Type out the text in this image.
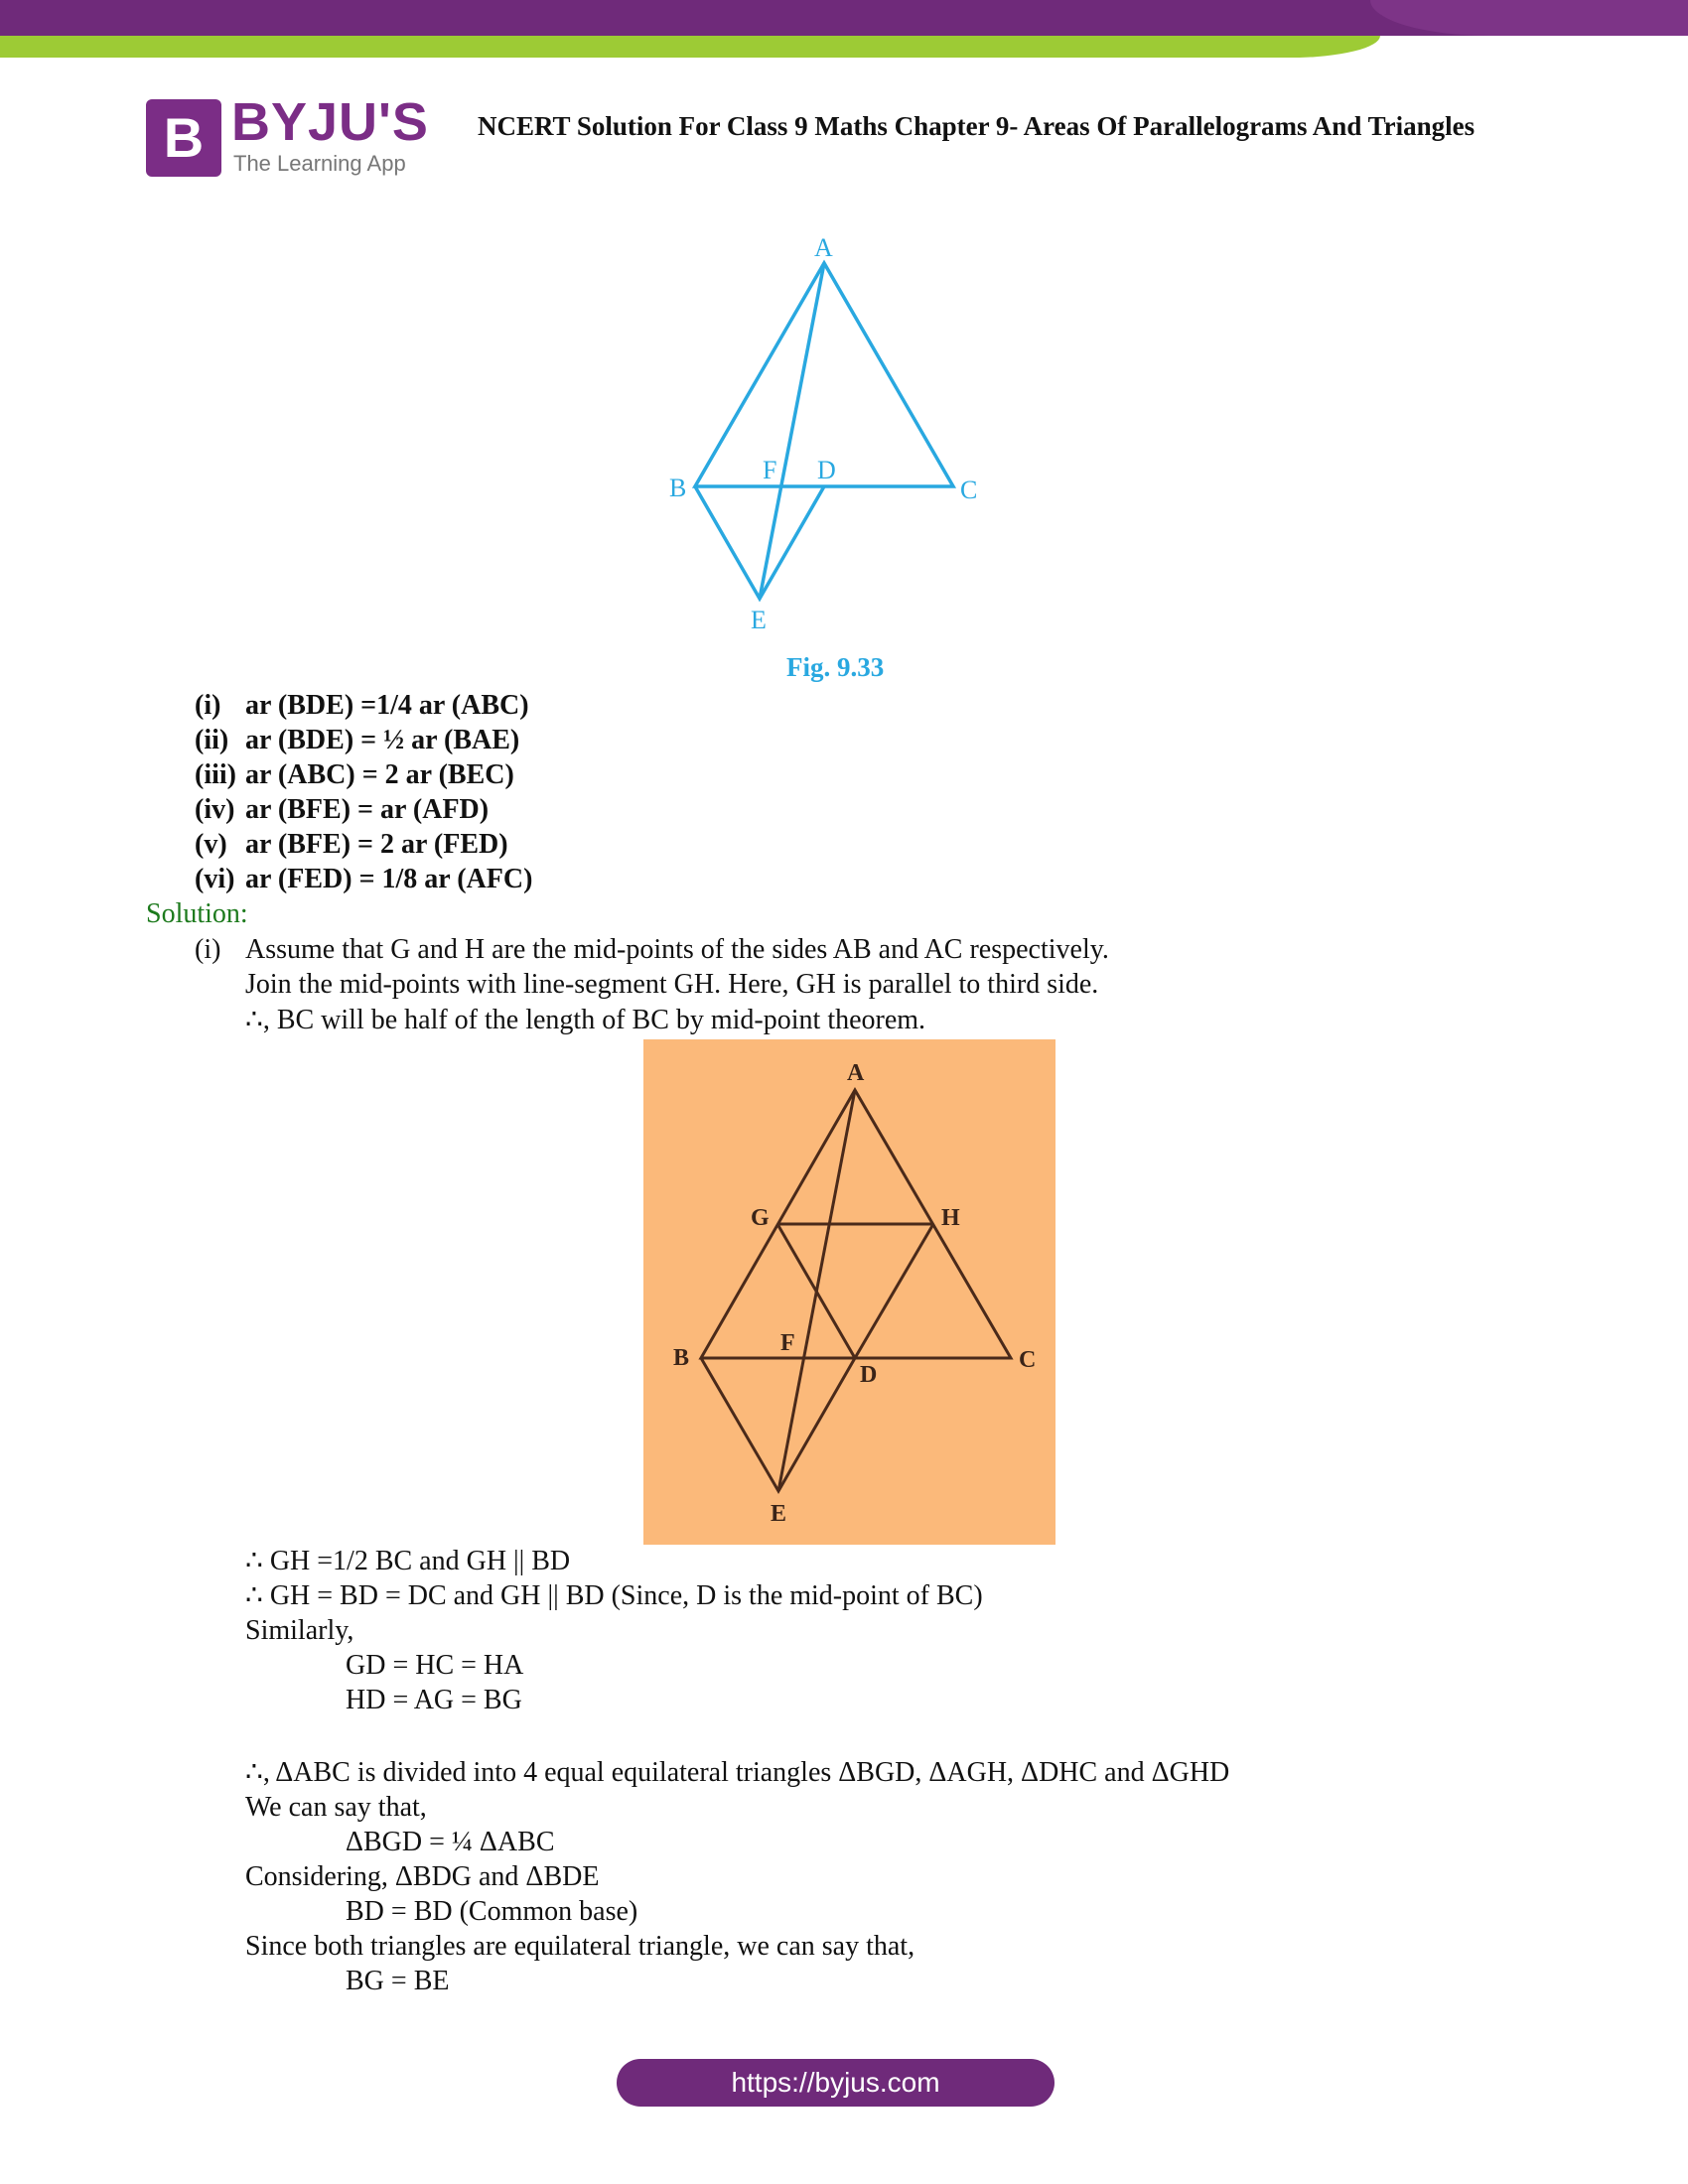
B BYJU'S
The Learning App
NCERT Solution For Class 9 Maths Chapter 9- Areas Of Parallelograms And Triangles
A
B	C
D
F
E
Fig. 9.33
(i) ar (BDE) =1/4 ar (ABC)
(ii) ar (BDE) = ½ ar (BAE)
(iii) ar (ABC) = 2 ar (BEC)
(iv) ar (BFE) = ar (AFD)
(v) ar (BFE) = 2 ar (FED)
(vi) ar (FED) = 1/8 ar (AFC)
Solution:
(i) Assume that G and H are the mid-points of the sides AB and AC respectively.
Join the mid-points with line-segment GH. Here, GH is parallel to third side.
∴, BC will be half of the length of BC by mid-point theorem.
A
G	H
B
F
D
C
E
∴ GH =1/2 BC and GH || BD
∴ GH = BD = DC and GH || BD (Since, D is the mid-point of BC)
Similarly,
GD = HC = HA
HD = AG = BG
∴, ΔABC is divided into 4 equal equilateral triangles ΔBGD, ΔAGH, ΔDHC and ΔGHD
We can say that,
ΔBGD = ¼ ΔABC
Considering, ΔBDG and ΔBDE
BD = BD (Common base)
Since both triangles are equilateral triangle, we can say that,
BG = BE
https://byjus.com
